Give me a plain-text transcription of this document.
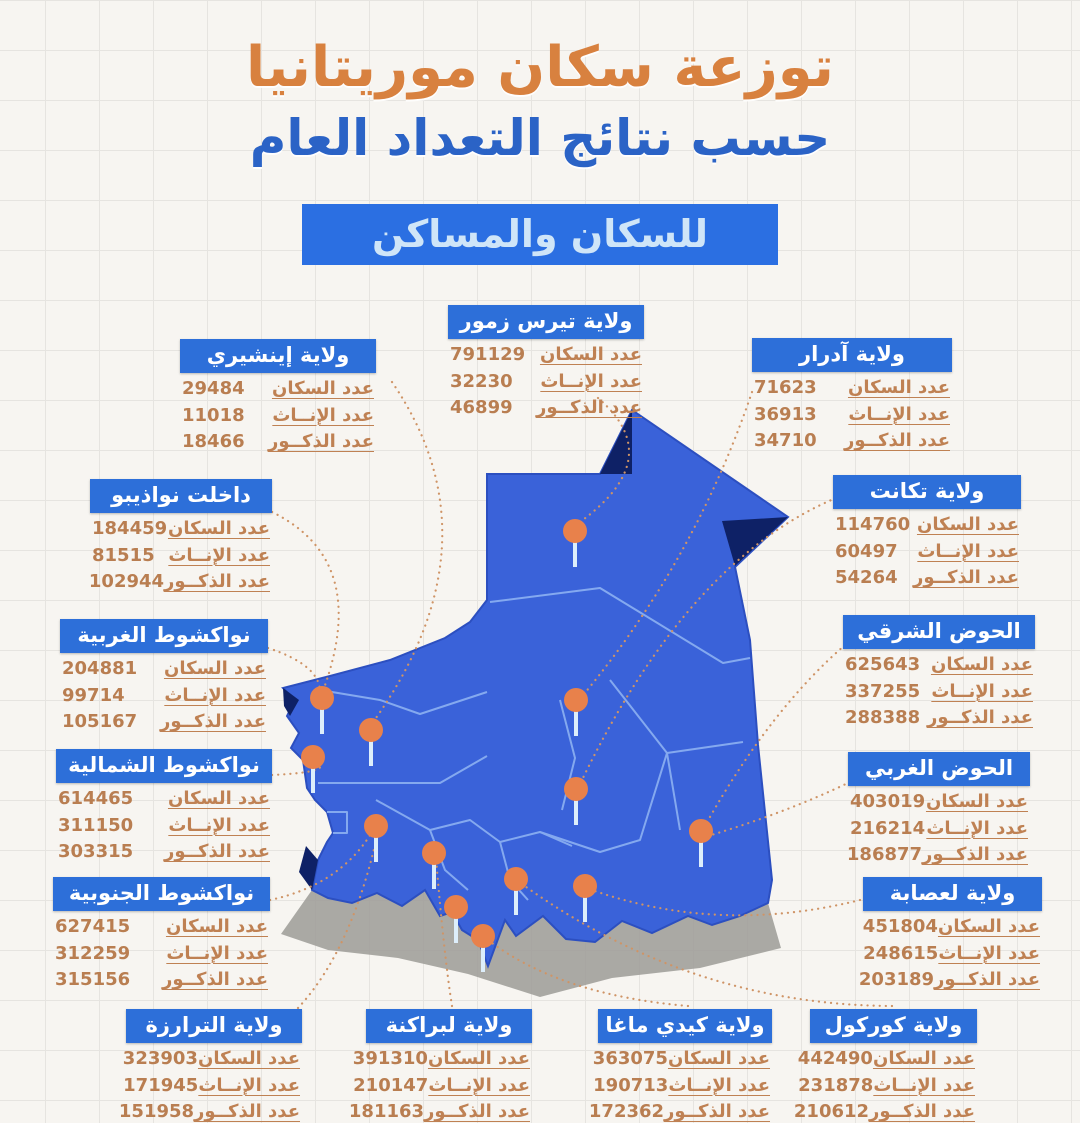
توزعة سكان موريتانيا
حسب نتائج التعداد العام

للسكان والمساكن
ولاية تيرس زمور
عدد السكان
791129
عدد الإنــاث
32230
عدد الذكــور
46899
ولاية إينشيري
عدد السكان
29484
عدد الإنــاث
11018
عدد الذكــور
18466
ولاية آدرار
عدد السكان
71623
عدد الإنــاث
36913
عدد الذكــور
34710
داخلت نواذيبو
عدد السكان
184459
عدد الإنــاث
81515
عدد الذكــور
102944
ولاية تكانت
عدد السكان
114760
عدد الإنــاث
60497
عدد الذكــور
54264
نواكشوط الغربية
عدد السكان
204881
عدد الإنــاث
99714
عدد الذكــور
105167
الحوض الشرقي
عدد السكان
625643
عدد الإنــاث
337255
عدد الذكــور
288388
نواكشوط الشمالية
عدد السكان
614465
عدد الإنــاث
311150
عدد الذكــور
303315
الحوض الغربي
عدد السكان
403019
عدد الإنــاث
216214
عدد الذكــور
186877
نواكشوط الجنوبية
عدد السكان
627415
عدد الإنــاث
312259
عدد الذكــور
315156
ولاية لعصابة
عدد السكان
451804
عدد الإنــاث
248615
عدد الذكــور
203189
ولاية الترارزة
عدد السكان
323903
عدد الإنــاث
171945
عدد الذكــور
151958
ولاية لبراكنة
عدد السكان
391310
عدد الإنــاث
210147
عدد الذكــور
181163
ولاية كيدي ماغا
عدد السكان
363075
عدد الإنــاث
190713
عدد الذكــور
172362
ولاية كوركول
عدد السكان
442490
عدد الإنــاث
231878
عدد الذكــور
210612
